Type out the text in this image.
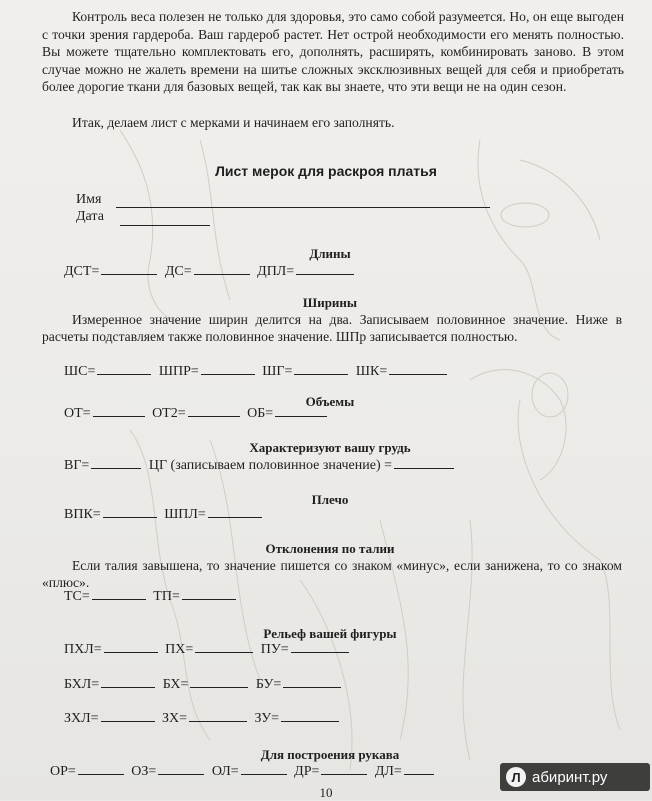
Контроль веса полезен не только для здоровья, это само собой разумеется. Но, он еще выгоден с точки зрения гардероба. Ваш гардероб растет. Нет острой необходимости его менять полностью. Вы можете тщательно комплектовать его, дополнять, расширять, комбинировать заново. В этом случае можно не жалеть времени на шитье сложных эксклюзивных вещей для себя и приобретать более дорогие ткани для базовых вещей, так как вы знаете, что эти вещи не на один сезон.

Итак, делаем лист с мерками и начинаем его заполнять.

Лист мерок для раскроя платья
Имя
Дата
Длины
ДСТ=	ДС=	ДПЛ=
Ширины

Измеренное значение ширин делится на два. Записываем половинное значение. Ниже в расчеты подставляем также половинное значение. ШПр записывается полностью.

ШС=	ШПР=	ШГ=	ШК=
Объемы
ОТ=	ОТ2=	ОБ=
Характеризуют вашу грудь
ВГ=	ЦГ (записываем половинное значение) =
Плечо
ВПК=	ШПЛ=
Отклонения по талии

Если талия завышена, то значение пишется со знаком «минус», если занижена, то со знаком «плюс».

ТС=	ТП=
Рельеф вашей фигуры
ПХЛ=	ПХ=	ПУ=
БХЛ=	БХ=	БУ=
ЗХЛ=	ЗХ=	ЗУ=
Для построения рукава
ОР=	ОЗ=	ОЛ=	ДР=	ДЛ=
10
Л абиринт.ру
